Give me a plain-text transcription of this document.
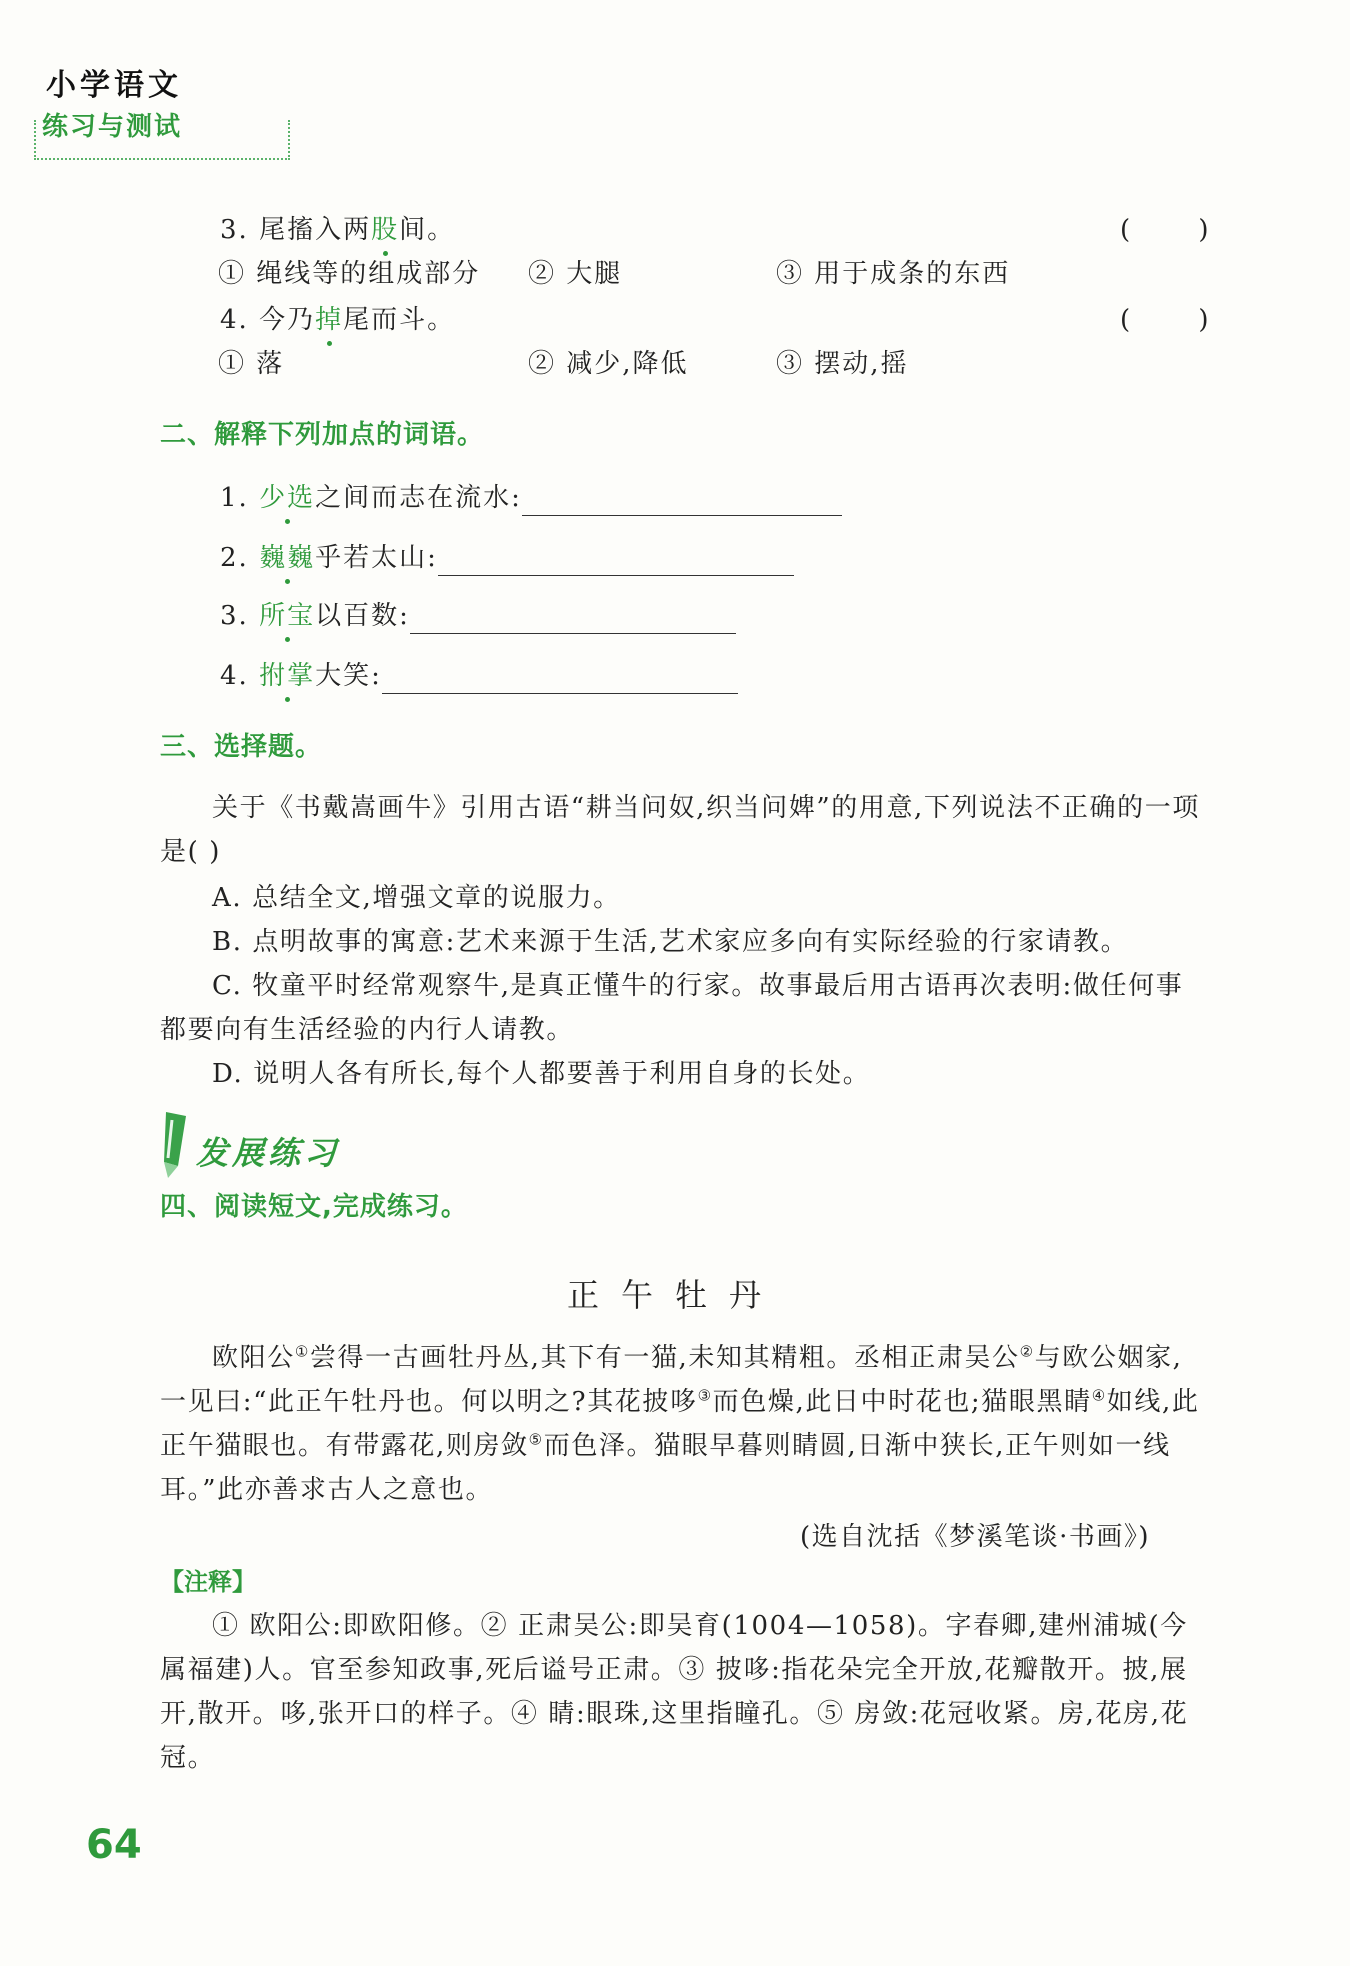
小学语文
练习与测试
3. 尾搐入两股间。	( )
① 绳线等的组成部分 ② 大腿	③ 用于成条的东西
4. 今乃掉尾而斗。	( )
① 落	② 减少,降低	③ 摆动,摇
二、解释下列加点的词语。
1. 少选之间而志在流水:
2. 巍巍乎若太山:
3. 所宝以百数:
4. 拊掌大笑:
三、选择题。
关于《书戴嵩画牛》引用古语“耕当问奴,织当问婢”的用意,下列说法不正确的一项是( )
A. 总结全文,增强文章的说服力。
B. 点明故事的寓意:艺术来源于生活,艺术家应多向有实际经验的行家请教。
C. 牧童平时经常观察牛,是真正懂牛的行家。故事最后用古语再次表明:做任何事都要向有生活经验的内行人请教。
D. 说明人各有所长,每个人都要善于利用自身的长处。
发展练习
四、阅读短文,完成练习。
正午牡丹
欧阳公①尝得一古画牡丹丛,其下有一猫,未知其精粗。丞相正肃吴公②与欧公姻家,一见曰:“此正午牡丹也。何以明之?其花披哆③而色燥,此日中时花也;猫眼黑睛④如线,此正午猫眼也。有带露花,则房敛⑤而色泽。猫眼早暮则睛圆,日渐中狭长,正午则如一线耳。”此亦善求古人之意也。
(选自沈括《梦溪笔谈·书画》)
【注释】
① 欧阳公:即欧阳修。② 正肃吴公:即吴育(1004—1058)。字春卿,建州浦城(今属福建)人。官至参知政事,死后谥号正肃。③ 披哆:指花朵完全开放,花瓣散开。披,展开,散开。哆,张开口的样子。④ 睛:眼珠,这里指瞳孔。⑤ 房敛:花冠收紧。房,花房,花冠。
64
